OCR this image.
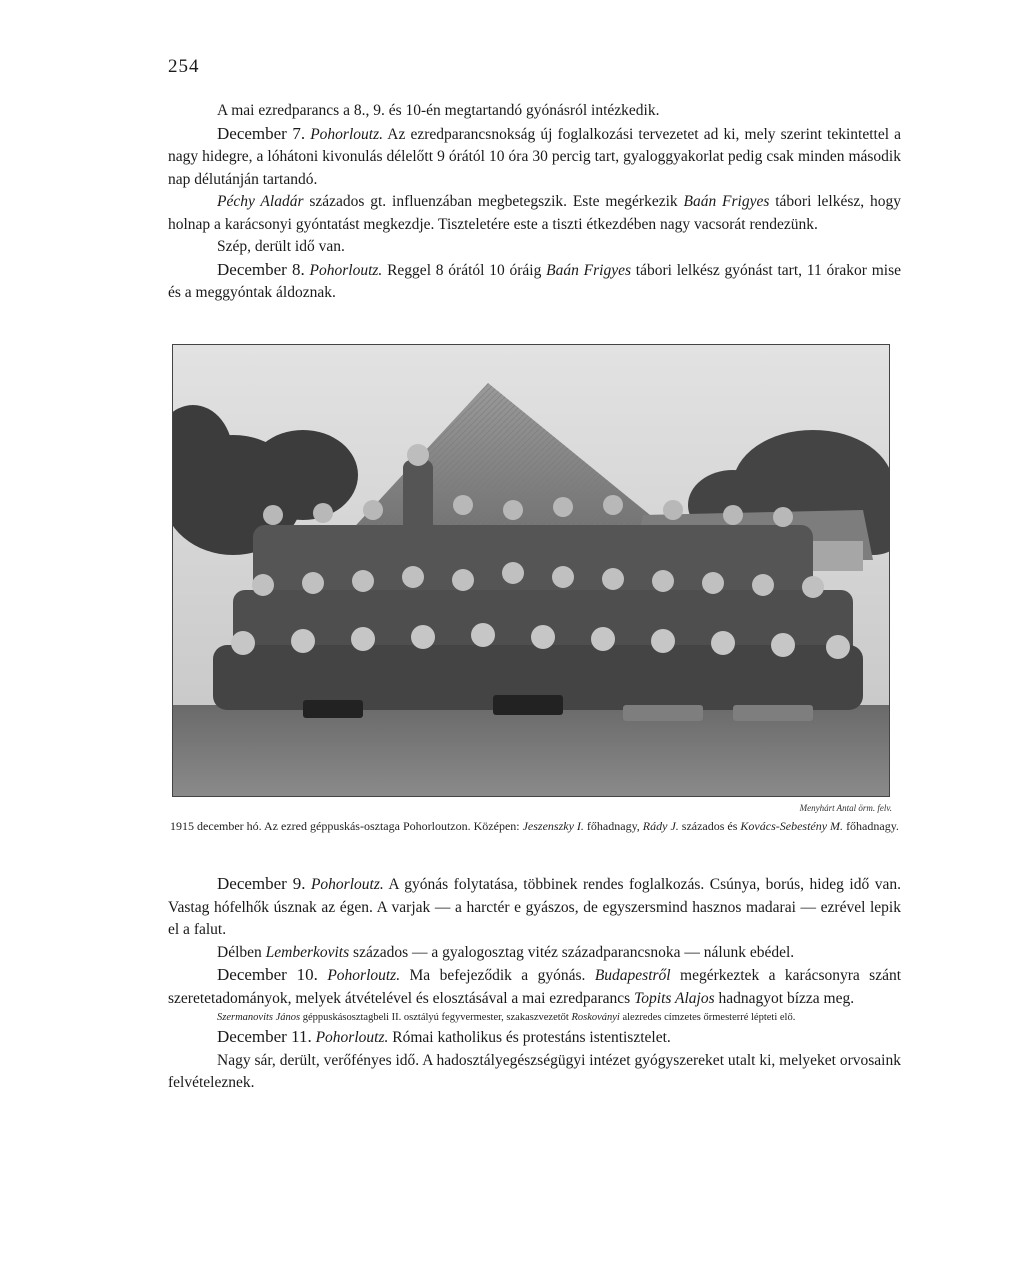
254

A mai ezredparancs a 8., 9. és 10-én megtartandó gyónásról intézkedik.

December 7. Pohorloutz. Az ezredparancsnokság új foglalkozási tervezetet ad ki, mely szerint tekintettel a nagy hidegre, a lóhátoni kivonulás délelőtt 9 órától 10 óra 30 percig tart, gyaloggyakorlat pedig csak minden második nap délutánján tartandó.

Péchy Aladár százados gt. influenzában megbetegszik. Este megérkezik Baán Frigyes tábori lelkész, hogy holnap a karácsonyi gyóntatást megkezdje. Tiszteletére este a tiszti étkezdében nagy vacsorát rendezünk.

Szép, derült idő van.

December 8. Pohorloutz. Reggel 8 órától 10 óráig Baán Frigyes tábori lelkész gyónást tart, 11 órakor mise és a meggyóntak áldoznak.

Menyhárt Antal örm. felv.
1915 december hó. Az ezred géppuskás-osztaga Pohorloutzon. Középen: Jeszenszky I. főhadnagy, Rády J. százados és Kovács-Sebestény M. főhadnagy.

December 9. Pohorloutz. A gyónás folytatása, többinek rendes foglalkozás. Csúnya, borús, hideg idő van. Vastag hófelhők úsznak az égen. A varjak — a harctér e gyászos, de egyszersmind hasznos madarai — ezrével lepik el a falut.

Délben Lemberkovits százados — a gyalogosztag vitéz századparancsnoka — nálunk ebédel.

December 10. Pohorloutz. Ma befejeződik a gyónás. Budapestről megérkeztek a karácsonyra szánt szeretetadományok, melyek átvételével és elosztásával a mai ezredparancs Topits Alajos hadnagyot bízza meg.

Szermanovits János géppuskásosztagbeli II. osztályú fegyvermester, szakaszvezetőt Roskoványi alezredes címzetes őrmesterré lépteti elő.

December 11. Pohorloutz. Római katholikus és protestáns istentisztelet.

Nagy sár, derült, verőfényes idő. A hadosztályegészségügyi intézet gyógyszereket utalt ki, melyeket orvosaink felvételeznek.
